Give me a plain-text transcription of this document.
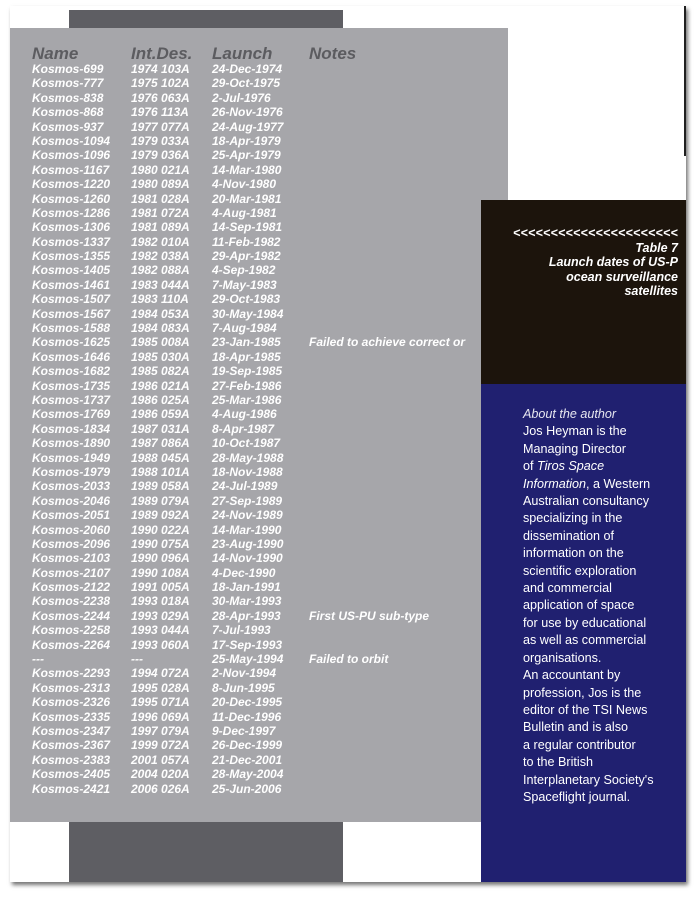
Name	Int.Des. Launch Notes
Kosmos-699 1974 103A 24-Dec-1974
Kosmos-777 1975 102A 29-Oct-1975
Kosmos-838 1976 063A 2-Jul-1976
Kosmos-868 1976 113A 26-Nov-1976
Kosmos-937 1977 077A 24-Aug-1977
Kosmos-1094 1979 033A 18-Apr-1979
Kosmos-1096 1979 036A 25-Apr-1979
Kosmos-1167 1980 021A 14-Mar-1980
Kosmos-1220 1980 089A 4-Nov-1980
Kosmos-1260 1981 028A 20-Mar-1981
Kosmos-1286 1981 072A 4-Aug-1981
Kosmos-1306 1981 089A 14-Sep-1981
Kosmos-1337 1982 010A 11-Feb-1982
Kosmos-1355 1982 038A 29-Apr-1982
Kosmos-1405 1982 088A 4-Sep-1982
Kosmos-1461 1983 044A 7-May-1983
Kosmos-1507 1983 110A 29-Oct-1983
Kosmos-1567 1984 053A 30-May-1984
Kosmos-1588 1984 083A 7-Aug-1984
Kosmos-1625 1985 008A 23-Jan-1985 Failed to achieve correct or
Kosmos-1646 1985 030A 18-Apr-1985
Kosmos-1682 1985 082A 19-Sep-1985
Kosmos-1735 1986 021A 27-Feb-1986
Kosmos-1737 1986 025A 25-Mar-1986
Kosmos-1769 1986 059A 4-Aug-1986
Kosmos-1834 1987 031A 8-Apr-1987
Kosmos-1890 1987 086A 10-Oct-1987
Kosmos-1949 1988 045A 28-May-1988
Kosmos-1979 1988 101A 18-Nov-1988
Kosmos-2033 1989 058A 24-Jul-1989
Kosmos-2046 1989 079A 27-Sep-1989
Kosmos-2051 1989 092A 24-Nov-1989
Kosmos-2060 1990 022A 14-Mar-1990
Kosmos-2096 1990 075A 23-Aug-1990
Kosmos-2103 1990 096A 14-Nov-1990
Kosmos-2107 1990 108A 4-Dec-1990
Kosmos-2122 1991 005A 18-Jan-1991
Kosmos-2238 1993 018A 30-Mar-1993
Kosmos-2244 1993 029A 28-Apr-1993 First US-PU sub-type
Kosmos-2258 1993 044A 7-Jul-1993
Kosmos-2264 1993 060A 17-Sep-1993
---	---	25-May-1994 Failed to orbit
Kosmos-2293 1994 072A 2-Nov-1994
Kosmos-2313 1995 028A 8-Jun-1995
Kosmos-2326 1995 071A 20-Dec-1995
Kosmos-2335 1996 069A 11-Dec-1996
Kosmos-2347 1997 079A 9-Dec-1997
Kosmos-2367 1999 072A 26-Dec-1999
Kosmos-2383 2001 057A 21-Dec-2001
Kosmos-2405 2004 020A 28-May-2004
Kosmos-2421 2006 026A 25-Jun-2006
<<<<<<<<<<<<<<<<<<<<<<
Table 7
Launch dates of US-P
ocean surveillance
satellites

About the author

Jos Heyman is the
Managing Director
of Tiros Space
Information, a Western
Australian consultancy
specializing in the
dissemination of
information on the
scientific exploration
and commercial
application of space
for use by educational
as well as commercial
organisations.

An accountant by
profession, Jos is the
editor of the TSI News
Bulletin and is also
a regular contributor
to the British
Interplanetary Society's
Spaceflight journal.
